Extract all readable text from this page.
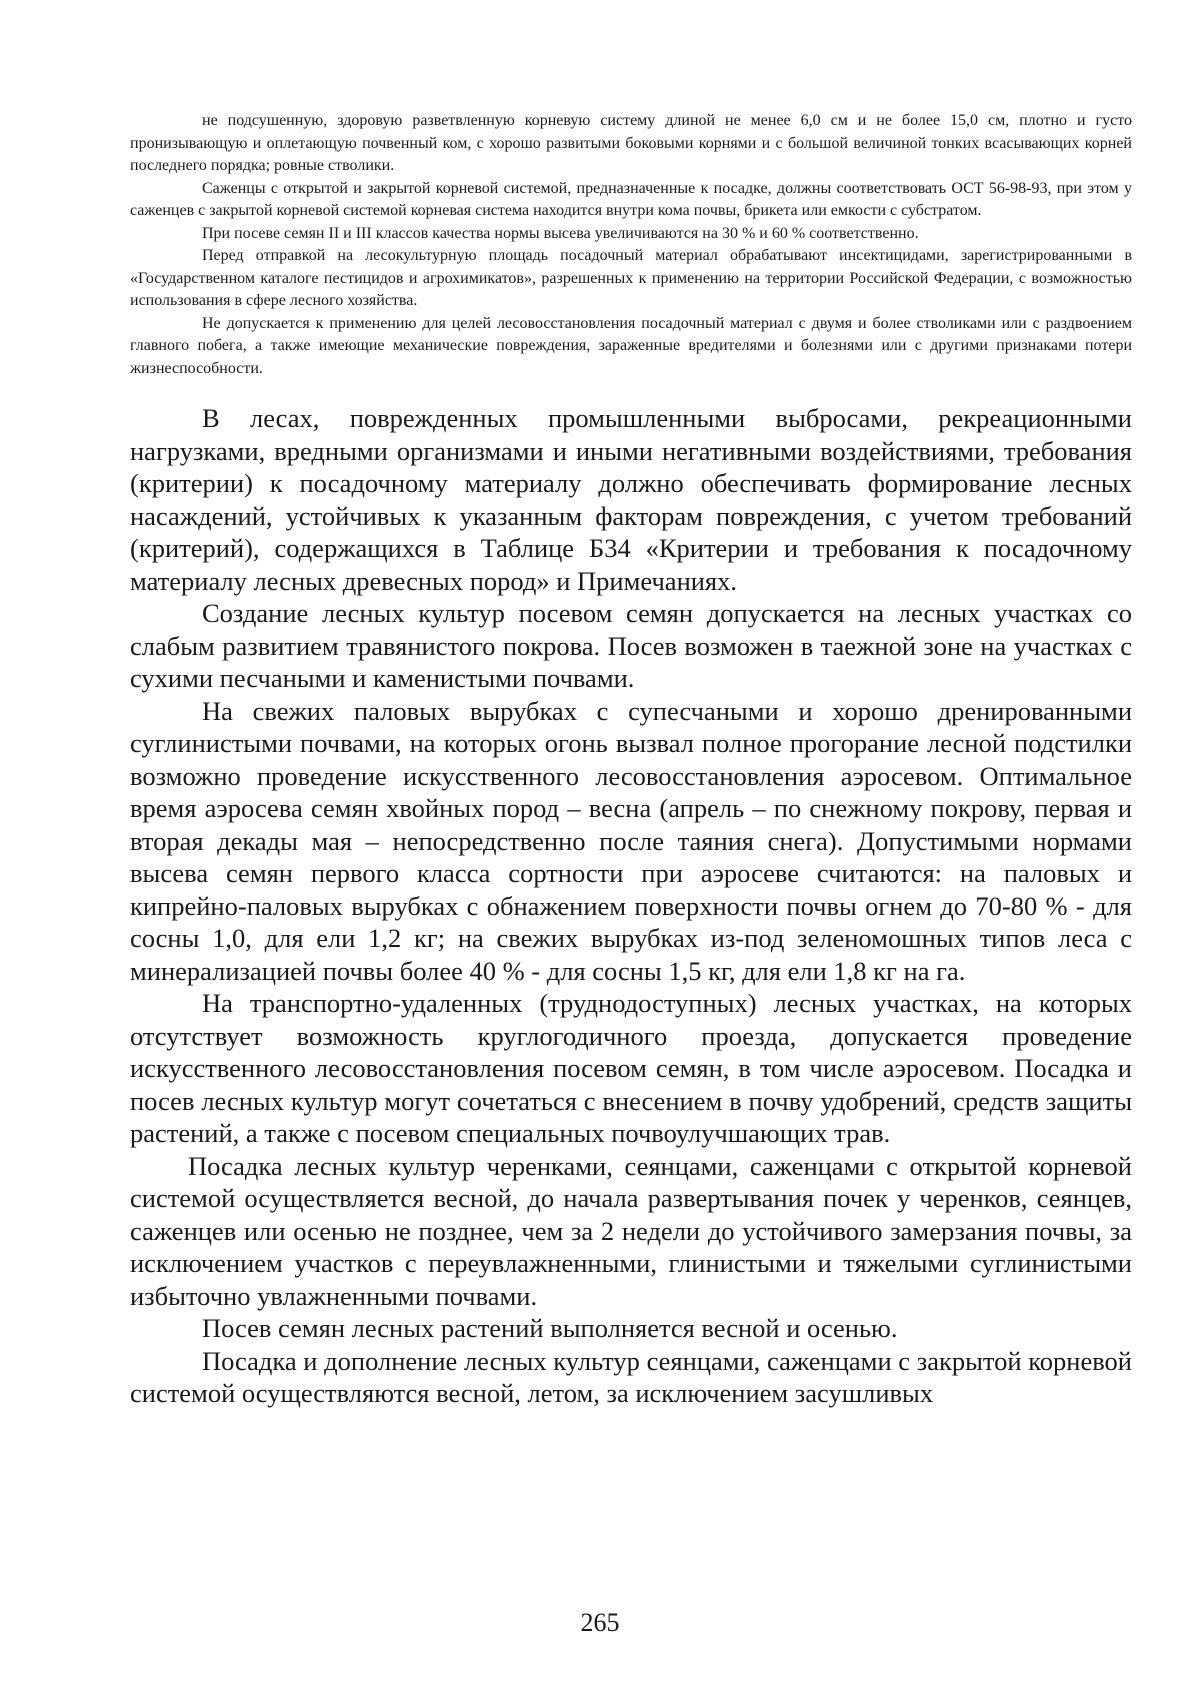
не подсушенную, здоровую разветвленную корневую систему длиной не менее 6,0 см и не более 15,0 см, плотно и густо пронизывающую и оплетающую почвенный ком, с хорошо развитыми боковыми корнями и с большой величиной тонких всасывающих корней последнего порядка; ровные стволики.

Саженцы с открытой и закрытой корневой системой, предназначенные к посадке, должны соответствовать ОСТ 56-98-93, при этом у саженцев с закрытой корневой системой корневая система находится внутри кома почвы, брикета или емкости с субстратом.

При посеве семян II и III классов качества нормы высева увеличиваются на 30 % и 60 % соответственно.

Перед отправкой на лесокультурную площадь посадочный материал обрабатывают инсектицидами, зарегистрированными в «Государственном каталоге пестицидов и агрохимикатов», разрешенных к применению на территории Российской Федерации, с возможностью использования в сфере лесного хозяйства.

Не допускается к применению для целей лесовосстановления посадочный материал с двумя и более стволиками или с раздвоением главного побега, а также имеющие механические повреждения, зараженные вредителями и болезнями или с другими признаками потери жизнеспособности.

В лесах, поврежденных промышленными выбросами, рекреационными нагрузками, вредными организмами и иными негативными воздействиями, требования (критерии) к посадочному материалу должно обеспечивать формирование лесных насаждений, устойчивых к указанным факторам повреждения, с учетом требований (критерий), содержащихся в Таблице Б34 «Критерии и требования к посадочному материалу лесных древесных пород» и Примечаниях.

Создание лесных культур посевом семян допускается на лесных участках со слабым развитием травянистого покрова. Посев возможен в таежной зоне на участках с сухими песчаными и каменистыми почвами.

На свежих паловых вырубках с супесчаными и хорошо дренированными суглинистыми почвами, на которых огонь вызвал полное прогорание лесной подстилки возможно проведение искусственного лесовосстановления аэросевом. Оптимальное время аэросева семян хвойных пород – весна (апрель – по снежному покрову, первая и вторая декады мая – непосредственно после таяния снега). Допустимыми нормами высева семян первого класса сортности при аэросеве считаются: на паловых и кипрейно-паловых вырубках с обнажением поверхности почвы огнем до 70-80 % - для сосны 1,0, для ели 1,2 кг; на свежих вырубках из-под зеленомошных типов леса с минерализацией почвы более 40 % - для сосны 1,5 кг, для ели 1,8 кг на га.

На транспортно-удаленных (труднодоступных) лесных участках, на которых отсутствует возможность круглогодичного проезда, допускается проведение искусственного лесовосстановления посевом семян, в том числе аэросевом. Посадка и посев лесных культур могут сочетаться с внесением в почву удобрений, средств защиты растений, а также с посевом специальных почвоулучшающих трав.

Посадка лесных культур черенками, сеянцами, саженцами с открытой корневой системой осуществляется весной, до начала развертывания почек у черенков, сеянцев, саженцев или осенью не позднее, чем за 2 недели до устойчивого замерзания почвы, за исключением участков с переувлажненными, глинистыми и тяжелыми суглинистыми избыточно увлажненными почвами.

Посев семян лесных растений выполняется весной и осенью.

Посадка и дополнение лесных культур сеянцами, саженцами с закрытой корневой системой осуществляются весной, летом, за исключением засушливых

265
